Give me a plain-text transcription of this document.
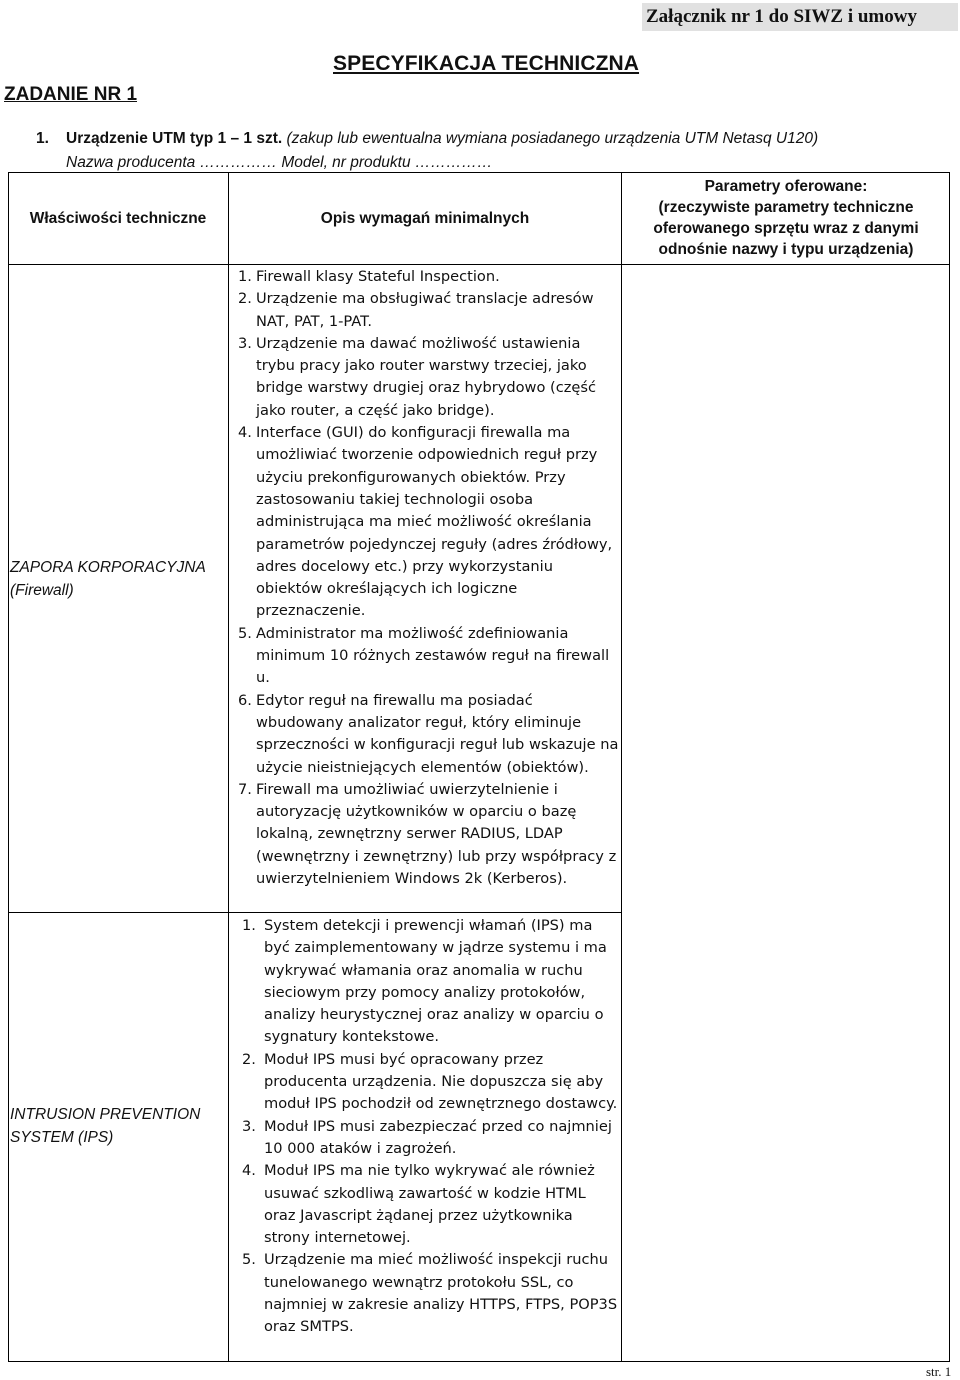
Załącznik nr 1 do SIWZ i umowy
SPECYFIKACJA TECHNICZNA
ZADANIE NR 1
1. Urządzenie UTM typ 1 – 1 szt. (zakup lub ewentualna wymiana posiadanego urządzenia UTM Netasq U120)
Nazwa producenta …………… Model, nr produktu ……………
Właściwości techniczne	Opis wymagań minimalnych
Parametry oferowane:
(rzeczywiste parametry techniczne
oferowanego sprzętu wraz z danymi
odnośnie nazwy i typu urządzenia)
ZAPORA KORPORACYJNA
(Firewall)
1. Firewall klasy Stateful Inspection.
2. Urządzenie ma obsługiwać translacje adresów NAT, PAT, 1-PAT.
3. Urządzenie ma dawać możliwość ustawienia trybu pracy jako router warstwy trzeciej, jako bridge warstwy drugiej oraz hybrydowo (część jako router, a część jako bridge).
4. Interface (GUI) do konfiguracji firewalla ma umożliwiać tworzenie odpowiednich reguł przy użyciu prekonfigurowanych obiektów. Przy zastosowaniu takiej technologii osoba administrująca ma mieć możliwość określania parametrów pojedynczej reguły (adres źródłowy, adres docelowy etc.) przy wykorzystaniu obiektów określających ich logiczne przeznaczenie.
5. Administrator ma możliwość zdefiniowania minimum 10 różnych zestawów reguł na firewall u.
6. Edytor reguł na firewallu ma posiadać wbudowany analizator reguł, który eliminuje sprzeczności w konfiguracji reguł lub wskazuje na użycie nieistniejących elementów (obiektów).
7. Firewall ma umożliwiać uwierzytelnienie i autoryzację użytkowników w oparciu o bazę lokalną, zewnętrzny serwer RADIUS, LDAP (wewnętrzny i zewnętrzny) lub przy współpracy z uwierzytelnieniem Windows 2k (Kerberos).
INTRUSION PREVENTION
SYSTEM (IPS)
1. System detekcji i prewencji włamań (IPS) ma być zaimplementowany w jądrze systemu i ma wykrywać włamania oraz anomalia w ruchu sieciowym przy pomocy analizy protokołów, analizy heurystycznej oraz analizy w oparciu o sygnatury kontekstowe.
2. Moduł IPS musi być opracowany przez producenta urządzenia. Nie dopuszcza się aby moduł IPS pochodził od zewnętrznego dostawcy.
3. Moduł IPS musi zabezpieczać przed co najmniej 10 000 ataków i zagrożeń.
4. Moduł IPS ma nie tylko wykrywać ale również usuwać szkodliwą zawartość w kodzie HTML oraz Javascript żądanej przez użytkownika strony internetowej.
5. Urządzenie ma mieć możliwość inspekcji ruchu tunelowanego wewnątrz protokołu SSL, co najmniej w zakresie analizy HTTPS, FTPS, POP3S oraz SMTPS.
str. 1
